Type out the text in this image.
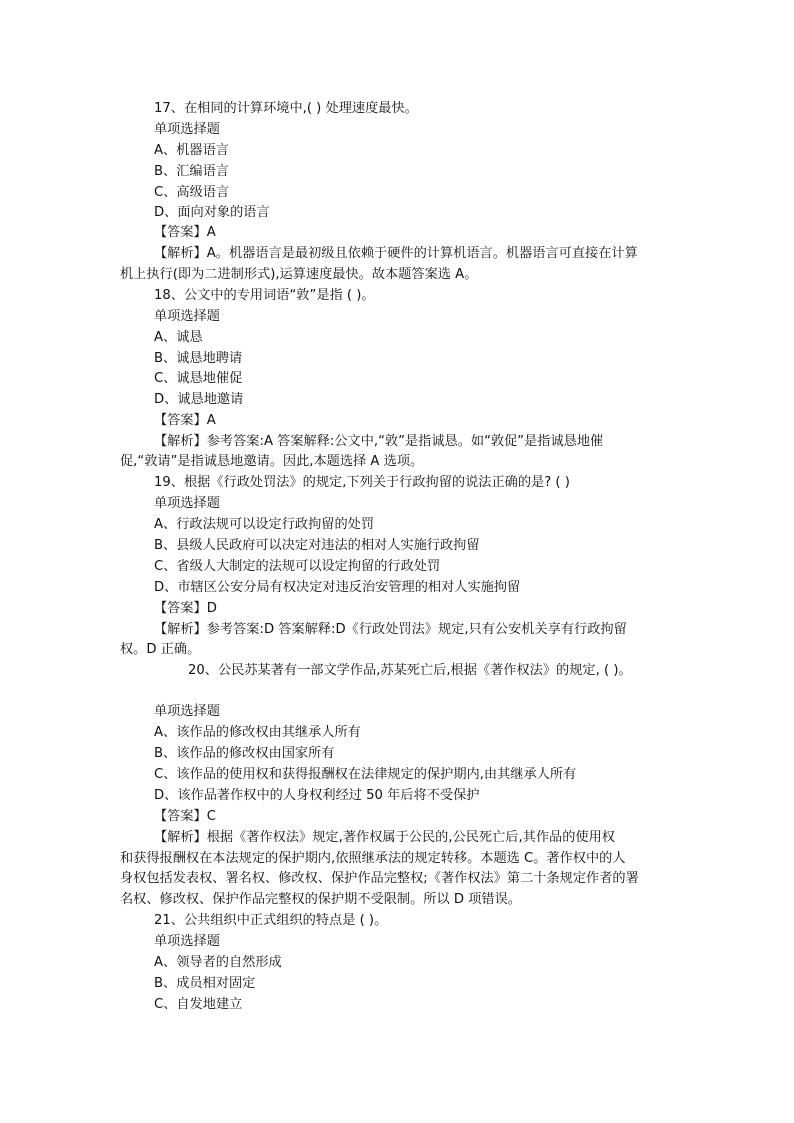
17、在相同的计算环境中,( ) 处理速度最快。
单项选择题
A、机器语言
B、汇编语言
C、高级语言
D、面向对象的语言
【答案】A
【解析】A。机器语言是最初级且依赖于硬件的计算机语言。机器语言可直接在计算
机上执行(即为二进制形式),运算速度最快。故本题答案选 A。
18、公文中的专用词语“敦”是指 ( )。
单项选择题
A、诚恳
B、诚恳地聘请
C、诚恳地催促
D、诚恳地邀请
【答案】A
【解析】参考答案:A 答案解释:公文中,“敦”是指诚恳。如“敦促”是指诚恳地催
促,“敦请”是指诚恳地邀请。因此,本题选择 A 选项。
19、根据《行政处罚法》的规定,下列关于行政拘留的说法正确的是? ( )
单项选择题
A、行政法规可以设定行政拘留的处罚
B、县级人民政府可以决定对违法的相对人实施行政拘留
C、省级人大制定的法规可以设定拘留的行政处罚
D、市辖区公安分局有权决定对违反治安管理的相对人实施拘留
【答案】D
【解析】参考答案:D 答案解释:D《行政处罚法》规定,只有公安机关享有行政拘留
权。D 正确。
20、公民苏某著有一部文学作品,苏某死亡后,根据《著作权法》的规定, ( )。
单项选择题
A、该作品的修改权由其继承人所有
B、该作品的修改权由国家所有
C、该作品的使用权和获得报酬权在法律规定的保护期内,由其继承人所有
D、该作品著作权中的人身权利经过 50 年后将不受保护
【答案】C
【解析】根据《著作权法》规定,著作权属于公民的,公民死亡后,其作品的使用权
和获得报酬权在本法规定的保护期内,依照继承法的规定转移。本题选 C。著作权中的人
身权包括发表权、署名权、修改权、保护作品完整权;《著作权法》第二十条规定作者的署
名权、修改权、保护作品完整权的保护期不受限制。所以 D 项错误。
21、公共组织中正式组织的特点是 ( )。
单项选择题
A、领导者的自然形成
B、成员相对固定
C、自发地建立
